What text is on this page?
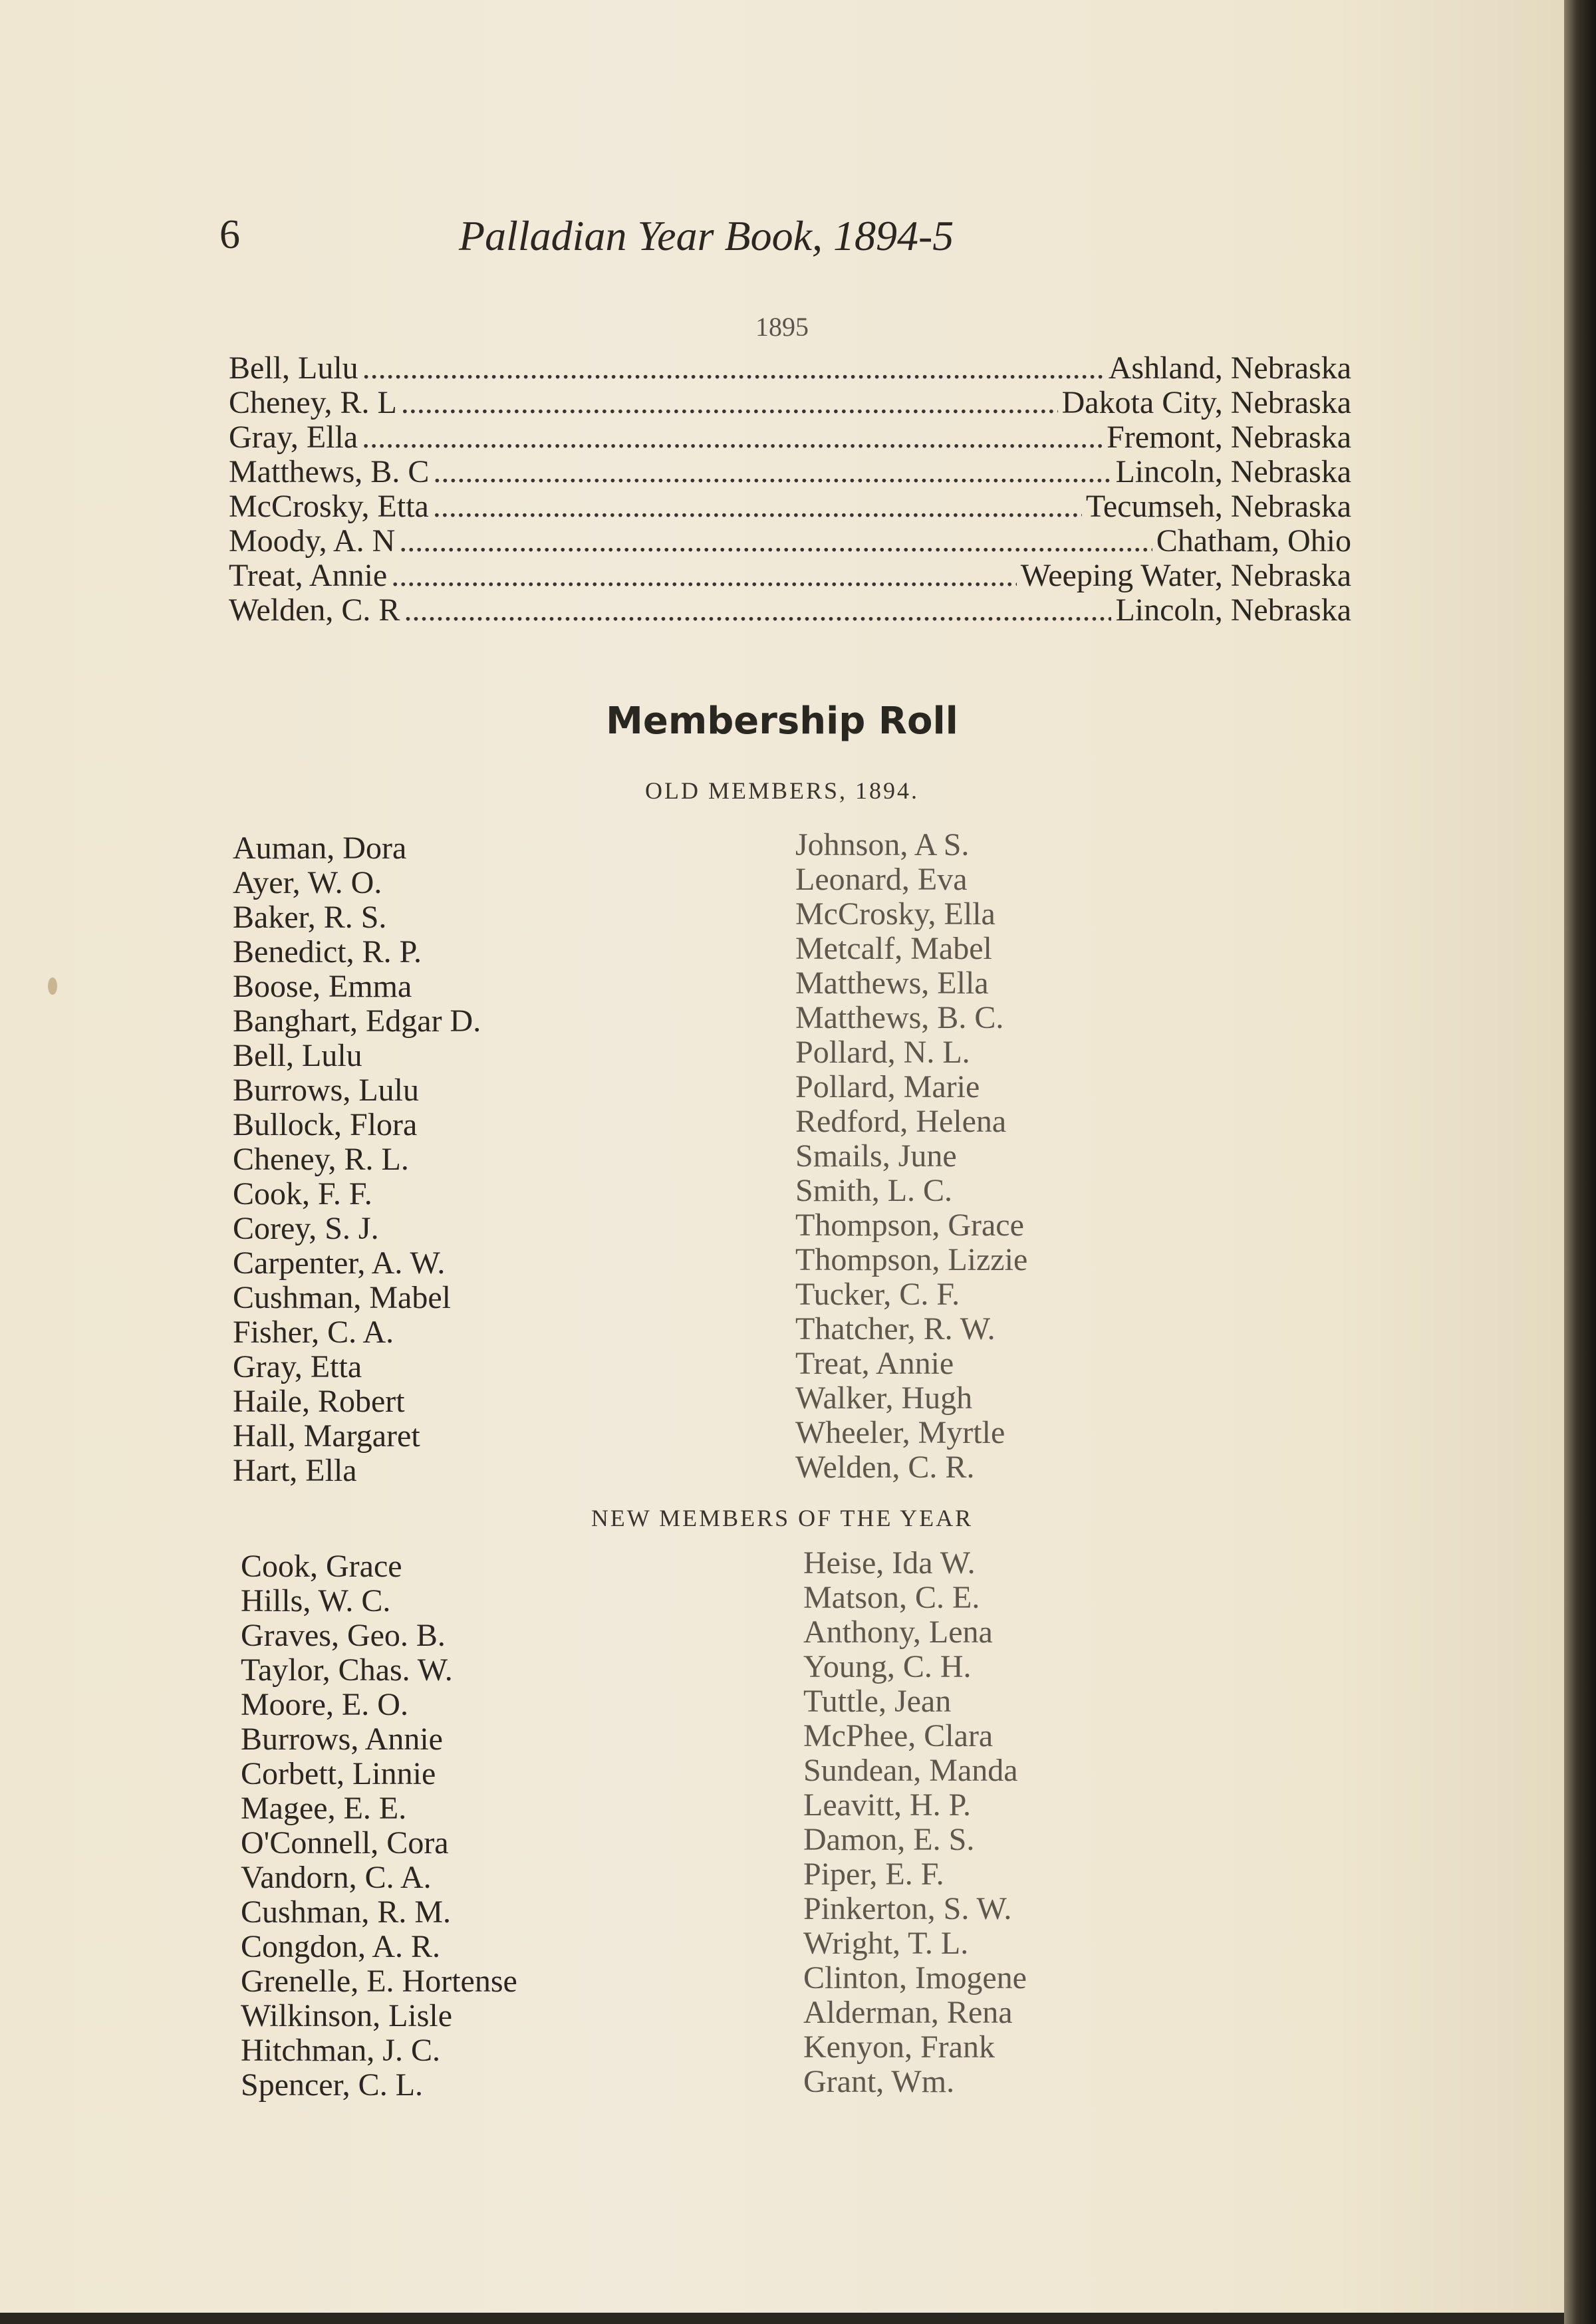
6	Palladian Year Book, 1894-5
1895
Bell, Lulu .....	Ashland, Nebraska
Cheney, R. L .....	Dakota City, Nebraska
Gray, Ella .....	Fremont, Nebraska
Matthews, B. C .....	Lincoln, Nebraska
McCrosky, Etta .....	Tecumseh, Nebraska
Moody, A. N .....	Chatham, Ohio
Treat, Annie .....	Weeping Water, Nebraska
Welden, C. R .....	Lincoln, Nebraska
Membership Roll
OLD MEMBERS, 1894.
Auman, Dora
Ayer, W. O.
Baker, R. S.
Benedict, R. P.
Boose, Emma
Banghart, Edgar D.
Bell, Lulu
Burrows, Lulu
Bullock, Flora
Cheney, R. L.
Cook, F. F.
Corey, S. J.
Carpenter, A. W.
Cushman, Mabel
Fisher, C. A.
Gray, Etta
Haile, Robert
Hall, Margaret
Hart, Ella
Johnson, A S.
Leonard, Eva
McCrosky, Ella
Metcalf, Mabel
Matthews, Ella
Matthews, B. C.
Pollard, N. L.
Pollard, Marie
Redford, Helena
Smails, June
Smith, L. C.
Thompson, Grace
Thompson, Lizzie
Tucker, C. F.
Thatcher, R. W.
Treat, Annie
Walker, Hugh
Wheeler, Myrtle
Welden, C. R.
NEW MEMBERS OF THE YEAR
Cook, Grace
Hills, W. C.
Graves, Geo. B.
Taylor, Chas. W.
Moore, E. O.
Burrows, Annie
Corbett, Linnie
Magee, E. E.
O'Connell, Cora
Vandorn, C. A.
Cushman, R. M.
Congdon, A. R.
Grenelle, E. Hortense
Wilkinson, Lisle
Hitchman, J. C.
Spencer, C. L.
Heise, Ida W.
Matson, C. E.
Anthony, Lena
Young, C. H.
Tuttle, Jean
McPhee, Clara
Sundean, Manda
Leavitt, H. P.
Damon, E. S.
Piper, E. F.
Pinkerton, S. W.
Wright, T. L.
Clinton, Imogene
Alderman, Rena
Kenyon, Frank
Grant, Wm.
